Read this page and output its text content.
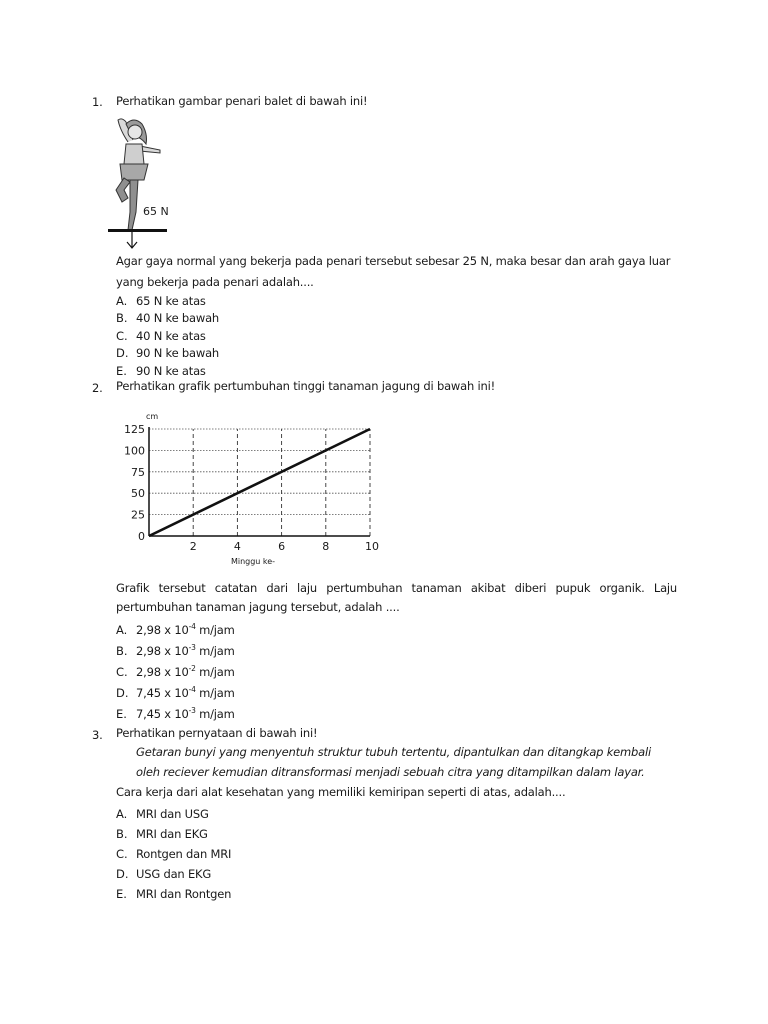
1. Perhatikan gambar penari balet di bawah ini!
65 N
Agar gaya normal yang bekerja pada penari tersebut sebesar 25 N, maka besar dan arah gaya luar
yang bekerja pada penari adalah....
A. 65 N ke atas
B. 40 N ke bawah
C. 40 N ke atas
D. 90 N ke bawah
E. 90 N ke atas
2. Perhatikan grafik pertumbuhan tinggi tanaman jagung di bawah ini!
cm
0
25
50
75
100
125
2	4	6	8	10
Minggu ke-
Grafik tersebut catatan dari laju pertumbuhan tanaman akibat diberi pupuk organik. Laju
pertumbuhan tanaman jagung tersebut, adalah ....
A. 2,98 x $10^{-4}$ m/jam
B. 2,98 x $10^{-3}$ m/jam
C. 2,98 x $10^{-2}$ m/jam
D. 7,45 x $10^{-4}$ m/jam
E. 7,45 x $10^{-3}$ m/jam
3. Perhatikan pernyataan di bawah ini!
Getaran bunyi yang menyentuh struktur tubuh tertentu, dipantulkan dan ditangkap kembali
oleh reciever kemudian ditransformasi menjadi sebuah citra yang ditampilkan dalam layar.
Cara kerja dari alat kesehatan yang memiliki kemiripan seperti di atas, adalah....
A. MRI dan USG
B. MRI dan EKG
C. Rontgen dan MRI
D. USG dan EKG
E. MRI dan Rontgen
